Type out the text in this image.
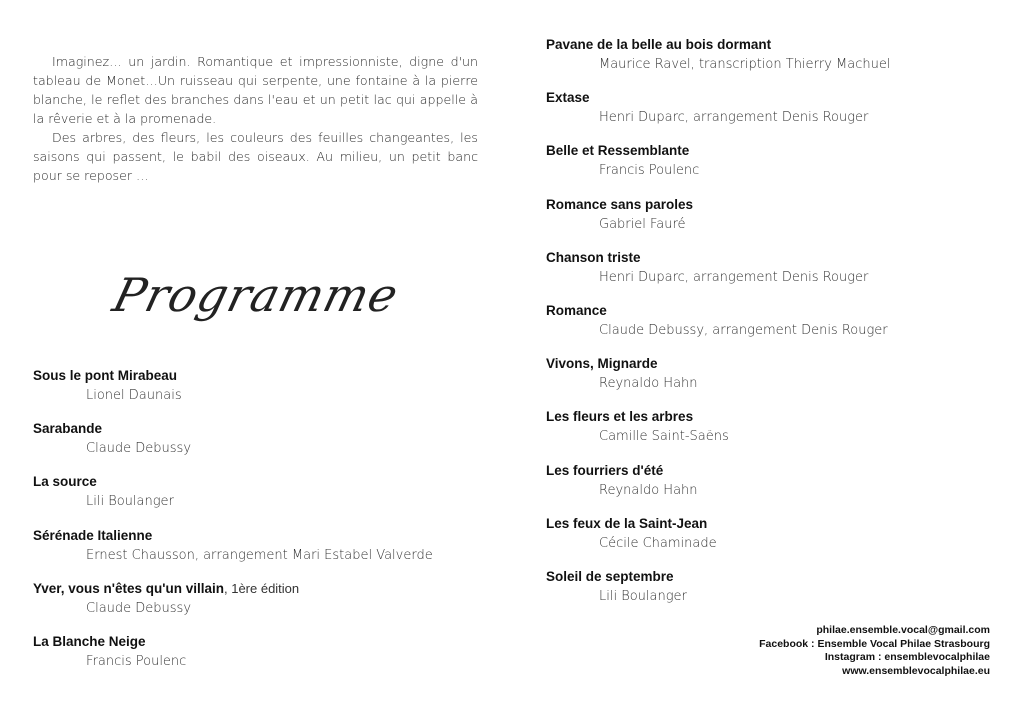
Imaginez… un jardin. Romantique et impressionniste, digne d'un tableau de Monet…Un ruisseau qui serpente, une fontaine à la pierre blanche, le reflet des branches dans l'eau et un petit lac qui appelle à la rêverie et à la promenade.

Des arbres, des fleurs, les couleurs des feuilles changeantes, les saisons qui passent, le babil des oiseaux. Au milieu, un petit banc pour se reposer …

Programme
Sous le pont Mirabeau
Lionel Daunais
Sarabande
Claude Debussy
La source
Lili Boulanger
Sérénade Italienne
Ernest Chausson, arrangement Mari Estabel Valverde
Yver, vous n'êtes qu'un villain, 1ère édition
Claude Debussy
La Blanche Neige
Francis Poulenc
Pavane de la belle au bois dormant
Maurice Ravel, transcription Thierry Machuel
Extase
Henri Duparc, arrangement Denis Rouger
Belle et Ressemblante
Francis Poulenc
Romance sans paroles
Gabriel Fauré
Chanson triste
Henri Duparc, arrangement Denis Rouger
Romance
Claude Debussy, arrangement Denis Rouger
Vivons, Mignarde
Reynaldo Hahn
Les fleurs et les arbres
Camille Saint-Saëns
Les fourriers d'été
Reynaldo Hahn
Les feux de la Saint-Jean
Cécile Chaminade
Soleil de septembre
Lili Boulanger
philae.ensemble.vocal@gmail.com
Facebook : Ensemble Vocal Philae Strasbourg
Instagram : ensemblevocalphilae
www.ensemblevocalphilae.eu
